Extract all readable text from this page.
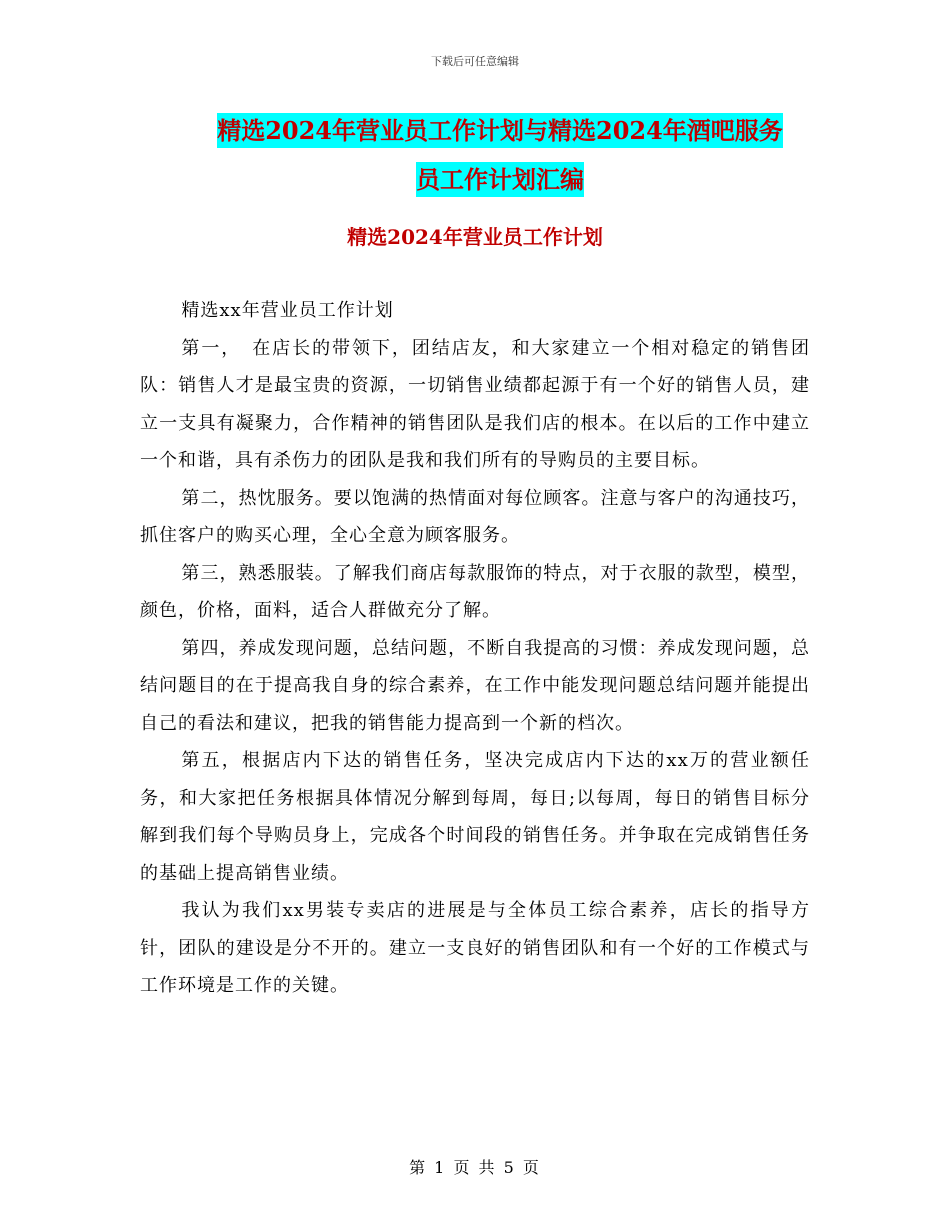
下载后可任意编辑
精选2024年营业员工作计划与精选2024年酒吧服务
员工作计划汇编
精选2024年营业员工作计划

精选xx年营业员工作计划

第一，　在店长的带领下，团结店友，和大家建立一个相对稳定的销售团队：销售人才是最宝贵的资源，一切销售业绩都起源于有一个好的销售人员，建立一支具有凝聚力，合作精神的销售团队是我们店的根本。在以后的工作中建立一个和谐，具有杀伤力的团队是我和我们所有的导购员的主要目标。

第二，热忱服务。要以饱满的热情面对每位顾客。注意与客户的沟通技巧，抓住客户的购买心理，全心全意为顾客服务。

第三，熟悉服装。了解我们商店每款服饰的特点，对于衣服的款型，模型，颜色，价格，面料，适合人群做充分了解。

第四，养成发现问题，总结问题，不断自我提高的习惯：养成发现问题，总结问题目的在于提高我自身的综合素养，在工作中能发现问题总结问题并能提出自己的看法和建议，把我的销售能力提高到一个新的档次。

第五，根据店内下达的销售任务，坚决完成店内下达的xx万的营业额任务，和大家把任务根据具体情况分解到每周，每日;以每周，每日的销售目标分解到我们每个导购员身上，完成各个时间段的销售任务。并争取在完成销售任务的基础上提高销售业绩。

我认为我们xx男装专卖店的进展是与全体员工综合素养，店长的指导方针，团队的建设是分不开的。建立一支良好的销售团队和有一个好的工作模式与工作环境是工作的关键。

第 1 页 共 5 页
